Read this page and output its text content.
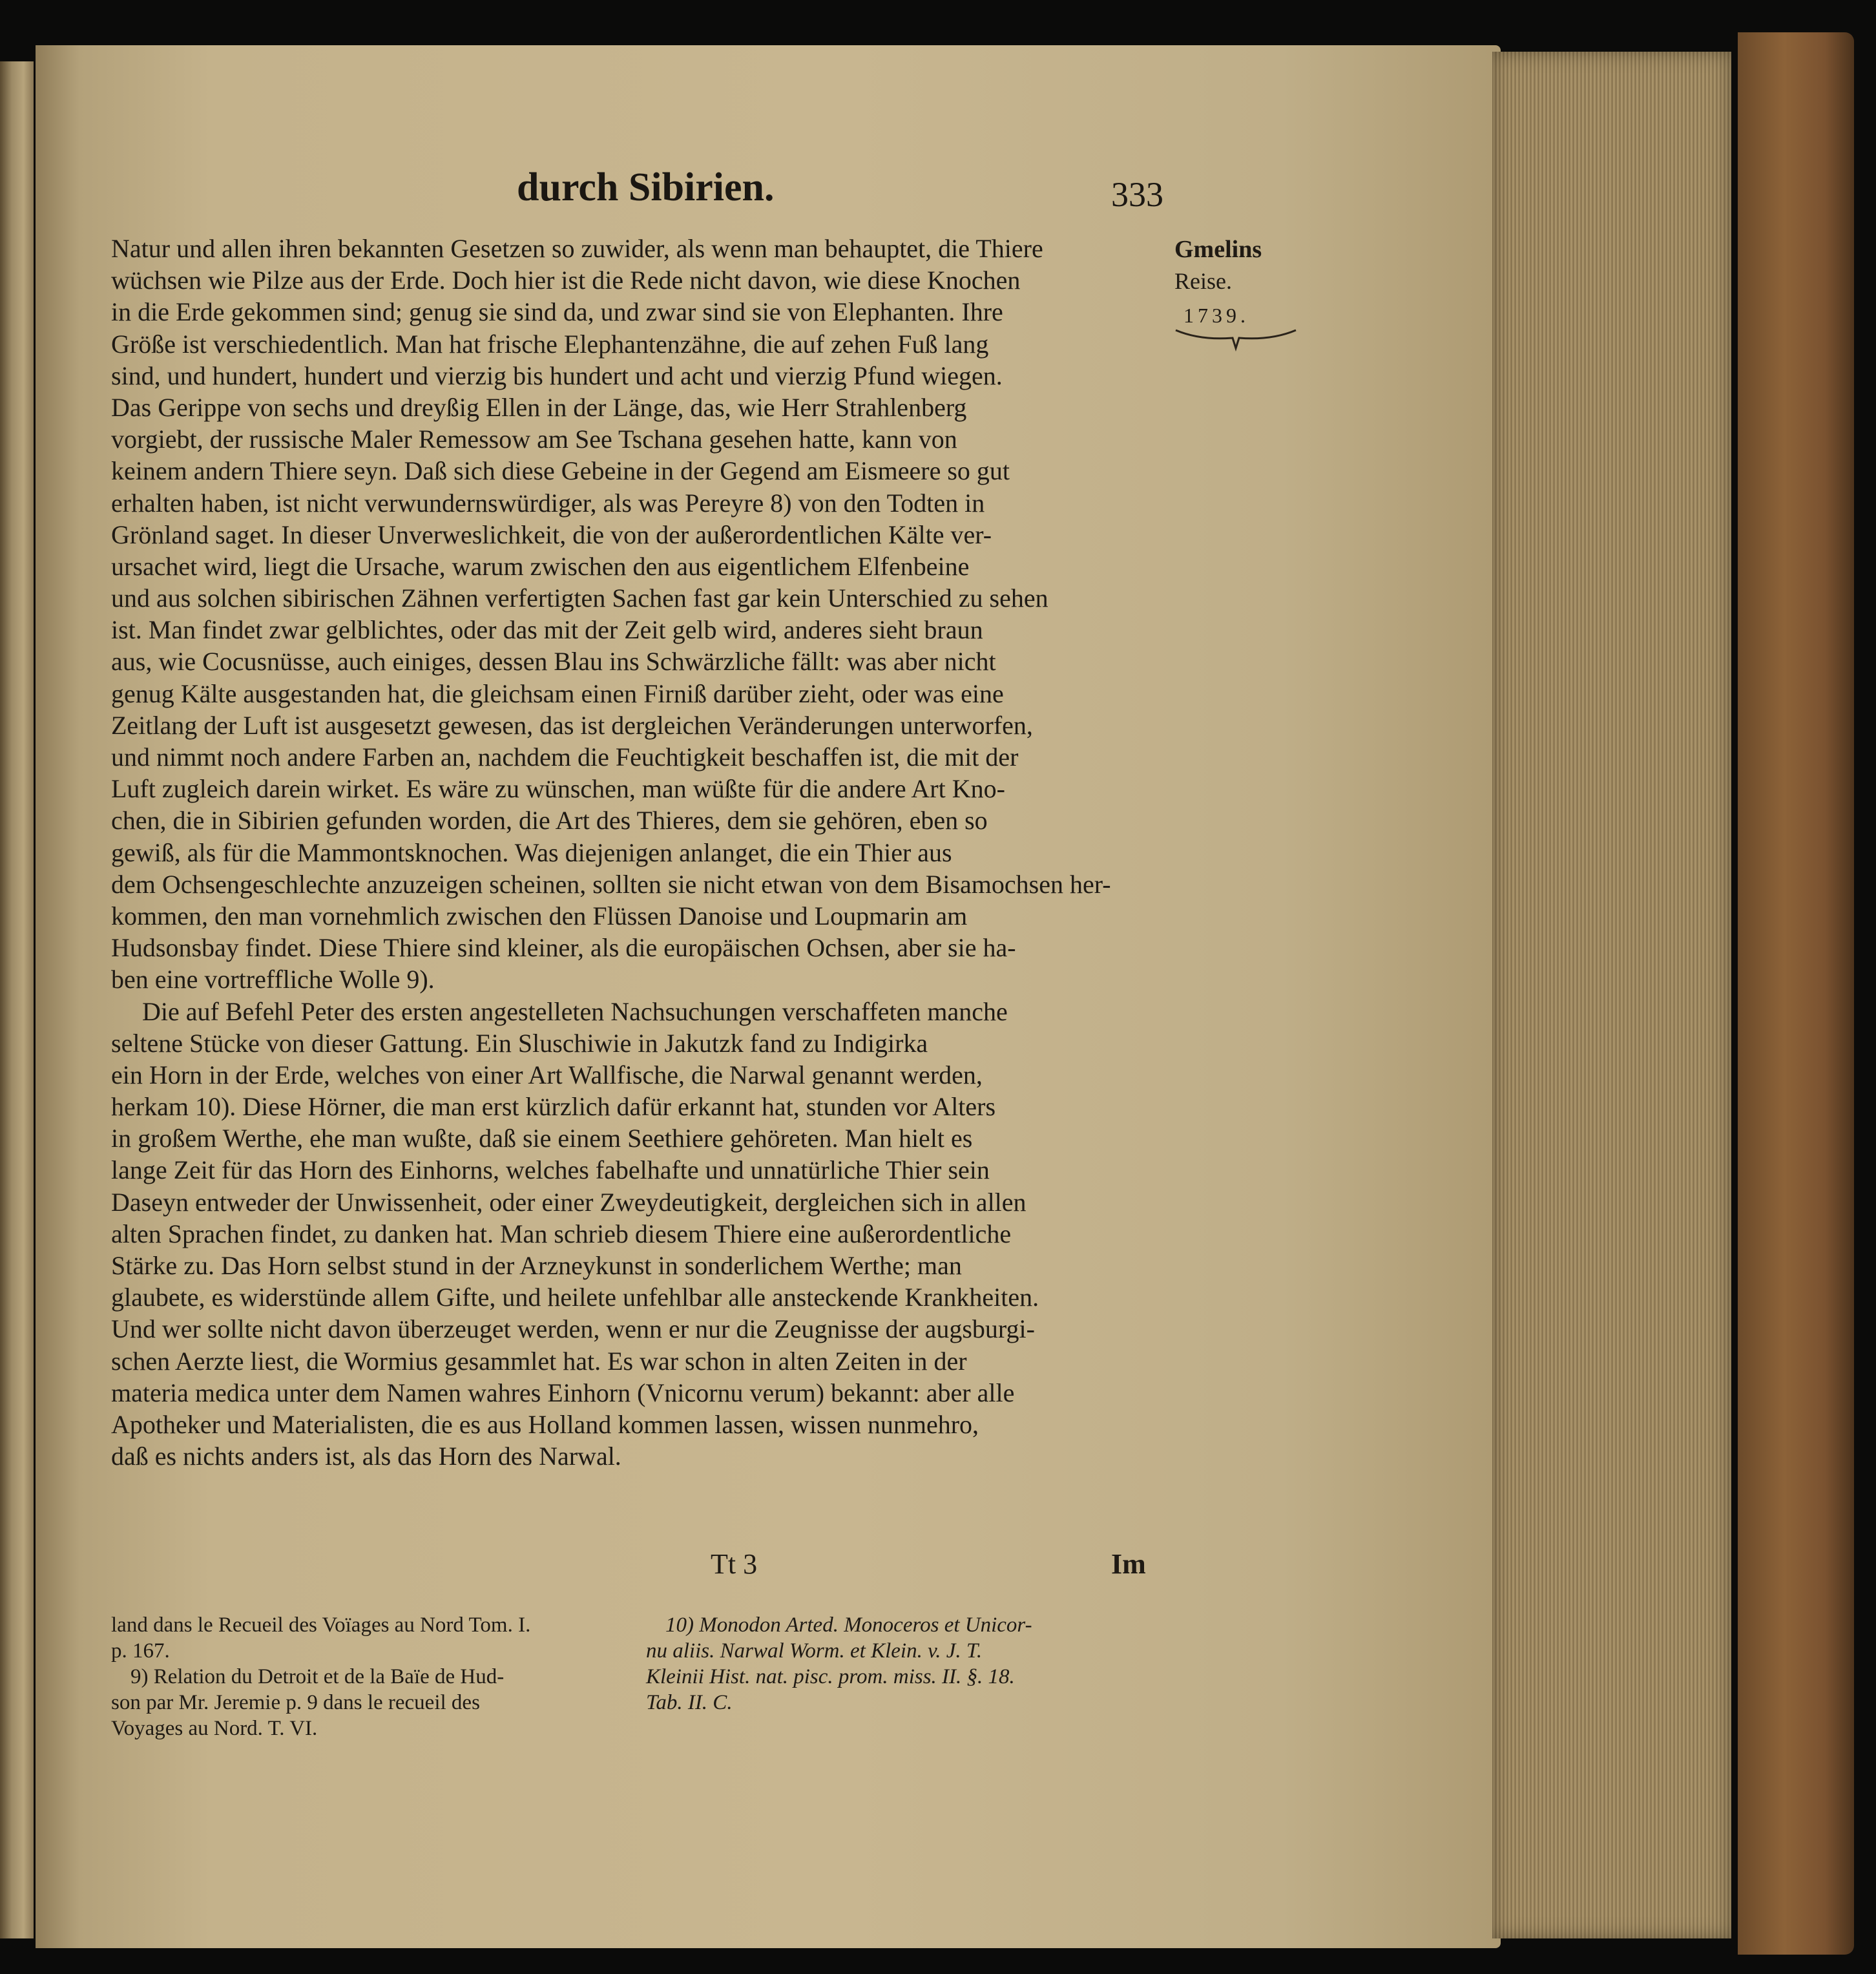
durch Sibirien.	333
Gmelins
Reise.
1739.
Natur und allen ihren bekannten Gesetzen so zuwider, als wenn man behauptet, die Thiere
wüchsen wie Pilze aus der Erde. Doch hier ist die Rede nicht davon, wie diese Knochen
in die Erde gekommen sind; genug sie sind da, und zwar sind sie von Elephanten. Ihre
Größe ist verschiedentlich. Man hat frische Elephantenzähne, die auf zehen Fuß lang
sind, und hundert, hundert und vierzig bis hundert und acht und vierzig Pfund wiegen.
Das Gerippe von sechs und dreyßig Ellen in der Länge, das, wie Herr Strahlenberg
vorgiebt, der russische Maler Remessow am See Tschana gesehen hatte, kann von
keinem andern Thiere seyn. Daß sich diese Gebeine in der Gegend am Eismeere so gut
erhalten haben, ist nicht verwundernswürdiger, als was Pereyre 8) von den Todten in
Grönland saget. In dieser Unverweslichkeit, die von der außerordentlichen Kälte ver-
ursachet wird, liegt die Ursache, warum zwischen den aus eigentlichem Elfenbeine
und aus solchen sibirischen Zähnen verfertigten Sachen fast gar kein Unterschied zu sehen
ist. Man findet zwar gelblichtes, oder das mit der Zeit gelb wird, anderes sieht braun
aus, wie Cocusnüsse, auch einiges, dessen Blau ins Schwärzliche fällt: was aber nicht
genug Kälte ausgestanden hat, die gleichsam einen Firniß darüber zieht, oder was eine
Zeitlang der Luft ist ausgesetzt gewesen, das ist dergleichen Veränderungen unterworfen,
und nimmt noch andere Farben an, nachdem die Feuchtigkeit beschaffen ist, die mit der
Luft zugleich darein wirket. Es wäre zu wünschen, man wüßte für die andere Art Kno-
chen, die in Sibirien gefunden worden, die Art des Thieres, dem sie gehören, eben so
gewiß, als für die Mammontsknochen. Was diejenigen anlanget, die ein Thier aus
dem Ochsengeschlechte anzuzeigen scheinen, sollten sie nicht etwan von dem Bisamochsen her-
kommen, den man vornehmlich zwischen den Flüssen Danoise und Loupmarin am
Hudsonsbay findet. Diese Thiere sind kleiner, als die europäischen Ochsen, aber sie ha-
ben eine vortreffliche Wolle 9).
Die auf Befehl Peter des ersten angestelleten Nachsuchungen verschaffeten manche
seltene Stücke von dieser Gattung. Ein Sluschiwie in Jakutzk fand zu Indigirka
ein Horn in der Erde, welches von einer Art Wallfische, die Narwal genannt werden,
herkam 10). Diese Hörner, die man erst kürzlich dafür erkannt hat, stunden vor Alters
in großem Werthe, ehe man wußte, daß sie einem Seethiere gehöreten. Man hielt es
lange Zeit für das Horn des Einhorns, welches fabelhafte und unnatürliche Thier sein
Daseyn entweder der Unwissenheit, oder einer Zweydeutigkeit, dergleichen sich in allen
alten Sprachen findet, zu danken hat. Man schrieb diesem Thiere eine außerordentliche
Stärke zu. Das Horn selbst stund in der Arzneykunst in sonderlichem Werthe; man
glaubete, es widerstünde allem Gifte, und heilete unfehlbar alle ansteckende Krankheiten.
Und wer sollte nicht davon überzeuget werden, wenn er nur die Zeugnisse der augsburgi-
schen Aerzte liest, die Wormius gesammlet hat. Es war schon in alten Zeiten in der
materia medica unter dem Namen wahres Einhorn (Vnicornu verum) bekannt: aber alle
Apotheker und Materialisten, die es aus Holland kommen lassen, wissen nunmehro,
daß es nichts anders ist, als das Horn des Narwal.
Tt 3	Im
land dans le Recueil des Voïages au Nord Tom. I.
p. 167.
9) Relation du Detroit et de la Baïe de Hud-
son par Mr. Jeremie p. 9 dans le recueil des
Voyages au Nord. T. VI.
10) Monodon Arted. Monoceros et Unicor-
nu aliis. Narwal Worm. et Klein. v. J. T.
Kleinii Hist. nat. pisc. prom. miss. II. §. 18.
Tab. II. C.
